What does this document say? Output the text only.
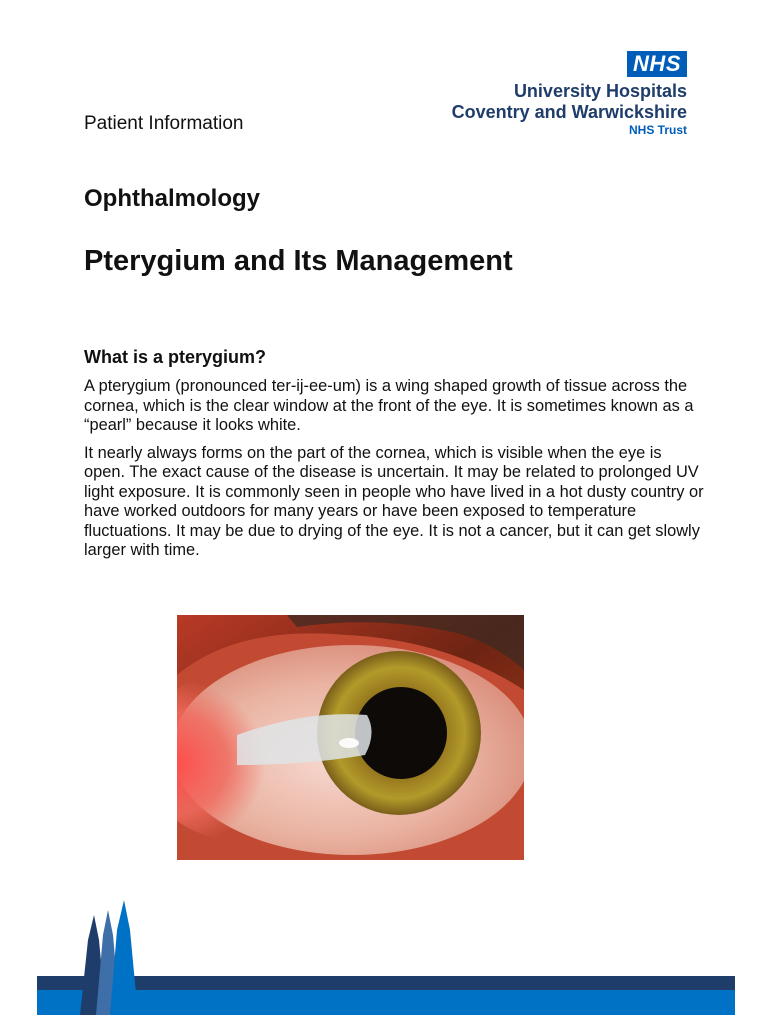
NHS
University Hospitals
Coventry and Warwickshire
NHS Trust
Patient Information
Ophthalmology
Pterygium and Its Management
What is a pterygium?

A pterygium (pronounced ter-ij-ee-um) is a wing shaped growth of tissue across the cornea, which is the clear window at the front of the eye. It is sometimes known as a “pearl” because it looks white.

It nearly always forms on the part of the cornea, which is visible when the eye is open. The exact cause of the disease is uncertain. It may be related to prolonged UV light exposure. It is commonly seen in people who have lived in a hot dusty country or have worked outdoors for many years or have been exposed to temperature fluctuations. It may be due to drying of the eye. It is not a cancer, but it can get slowly larger with time.
